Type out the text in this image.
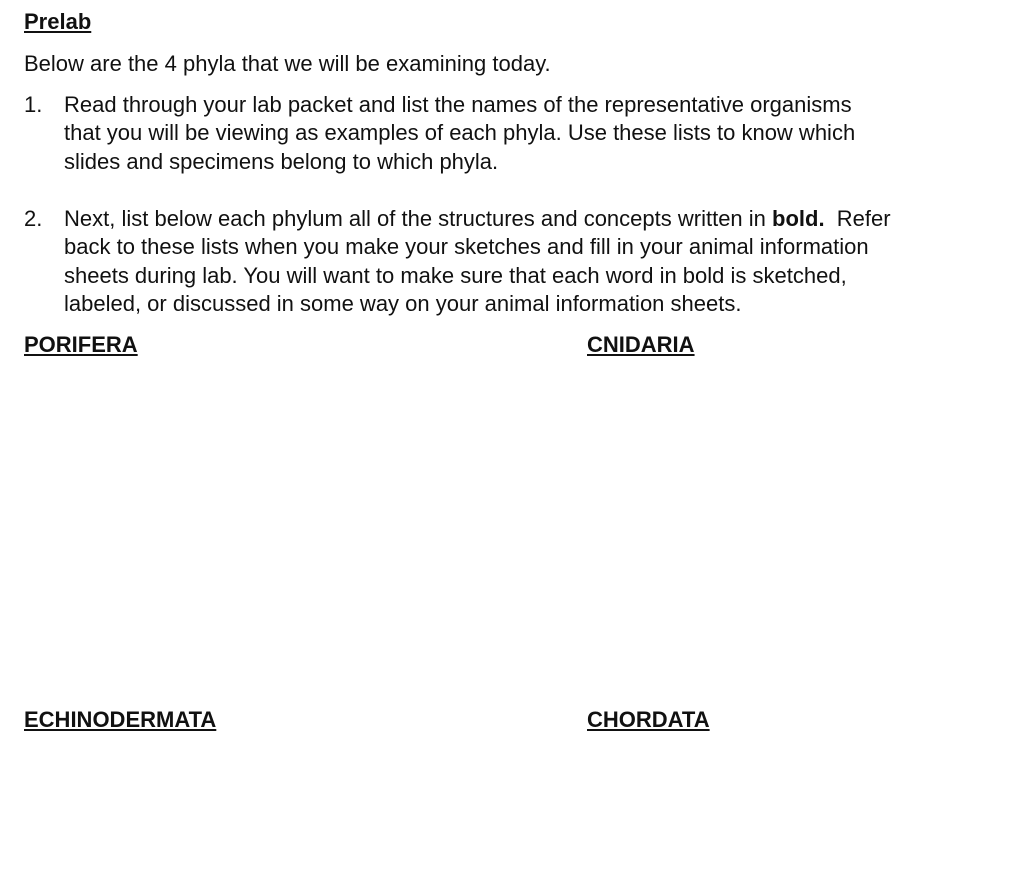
Prelab
Below are the 4 phyla that we will be examining today.
1. Read through your lab packet and list the names of the representative organisms
that you will be viewing as examples of each phyla. Use these lists to know which
slides and specimens belong to which phyla.
2. Next, list below each phylum all of the structures and concepts written in bold.  Refer
back to these lists when you make your sketches and fill in your animal information
sheets during lab. You will want to make sure that each word in bold is sketched,
labeled, or discussed in some way on your animal information sheets.
PORIFERA	CNIDARIA
ECHINODERMATA	CHORDATA
